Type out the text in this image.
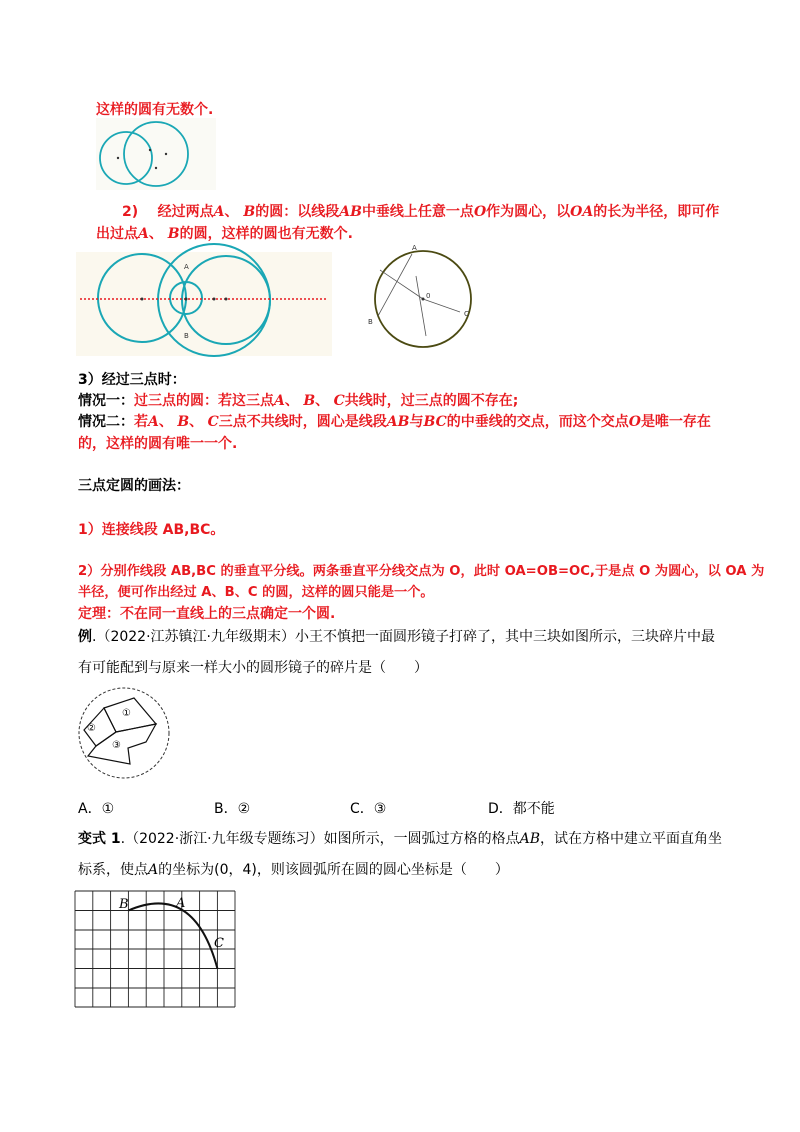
这样的圆有无数个.
2) 经过两点A、 B的圆：以线段AB中垂线上任意一点O作为圆心，以OA的长为半径，即可作
出过点A、 B的圆，这样的圆也有无数个.
A
B
A
B
C
0
3）经过三点时：
情况一：过三点的圆：若这三点A、 B、 C共线时，过三点的圆不存在;
情况二：若A、 B、 C三点不共线时，圆心是线段AB与BC的中垂线的交点，而这个交点O是唯一存在
的，这样的圆有唯一一个.
三点定圆的画法：
1）连接线段 AB,BC。
2）分别作线段 AB,BC 的垂直平分线。两条垂直平分线交点为 O，此时 OA=OB=OC,于是点 O 为圆心，以 OA 为
半径，便可作出经过 A、B、C 的圆，这样的圆只能是一个。
定理：不在同一直线上的三点确定一个圆.
例.（2022·江苏镇江·九年级期末）小王不慎把一面圆形镜子打碎了，其中三块如图所示，三块碎片中最
有可能配到与原来一样大小的圆形镜子的碎片是（　　）
①
②
③
A．①	B．②	C．③	D．都不能
变式 1.（2022·浙江·九年级专题练习）如图所示，一圆弧过方格的格点AB，试在方格中建立平面直角坐
标系，使点A的坐标为(0，4)，则该圆弧所在圆的圆心坐标是（　　）
B	A
C
